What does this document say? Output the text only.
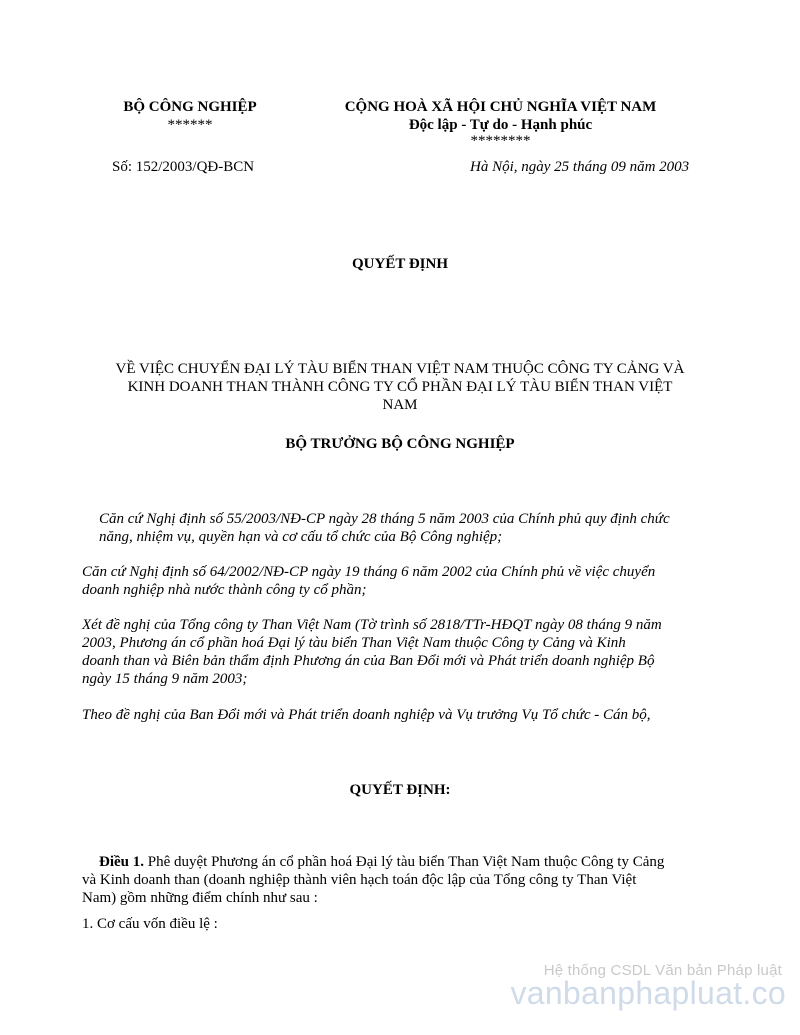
BỘ CÔNG NGHIỆP
******
CỘNG HOÀ XÃ HỘI CHỦ NGHĨA VIỆT NAM
Độc lập - Tự do - Hạnh phúc
********
Số: 152/2003/QĐ-BCN	Hà Nội, ngày 25 tháng 09 năm 2003
QUYẾT ĐỊNH
VỀ VIỆC CHUYỂN ĐẠI LÝ TÀU BIỂN THAN VIỆT NAM THUỘC CÔNG TY CẢNG VÀ
KINH DOANH THAN THÀNH CÔNG TY CỔ PHẦN ĐẠI LÝ TÀU BIỂN THAN VIỆT
NAM
BỘ TRƯỞNG BỘ CÔNG NGHIỆP
Căn cứ Nghị định số 55/2003/NĐ-CP ngày 28 tháng 5 năm 2003 của Chính phủ quy định chức
năng, nhiệm vụ, quyền hạn và cơ cấu tổ chức của Bộ Công nghiệp;
Căn cứ Nghị định số 64/2002/NĐ-CP ngày 19 tháng 6 năm 2002 của Chính phủ về việc chuyển
doanh nghiệp nhà nước thành công ty cổ phần;
Xét đề nghị của Tổng công ty Than Việt Nam (Tờ trình số 2818/TTr-HĐQT ngày 08 tháng 9 năm
2003, Phương án cổ phần hoá Đại lý tàu biển Than Việt Nam thuộc Công ty Cảng và Kinh
doanh than và Biên bản thẩm định Phương án của Ban Đổi mới và Phát triển doanh nghiệp Bộ
ngày 15 tháng 9 năm 2003;
Theo đề nghị của Ban Đổi mới và Phát triển doanh nghiệp và Vụ trưởng Vụ Tổ chức - Cán bộ,
QUYẾT ĐỊNH:
Điều 1. Phê duyệt Phương án cổ phần hoá Đại lý tàu biển Than Việt Nam thuộc Công ty Cảng
và Kinh doanh than (doanh nghiệp thành viên hạch toán độc lập của Tổng công ty Than Việt
Nam) gồm những điểm chính như sau :
1. Cơ cấu vốn điều lệ :
Hệ thống CSDL Văn bản Pháp luật
vanbanphapluat.co
